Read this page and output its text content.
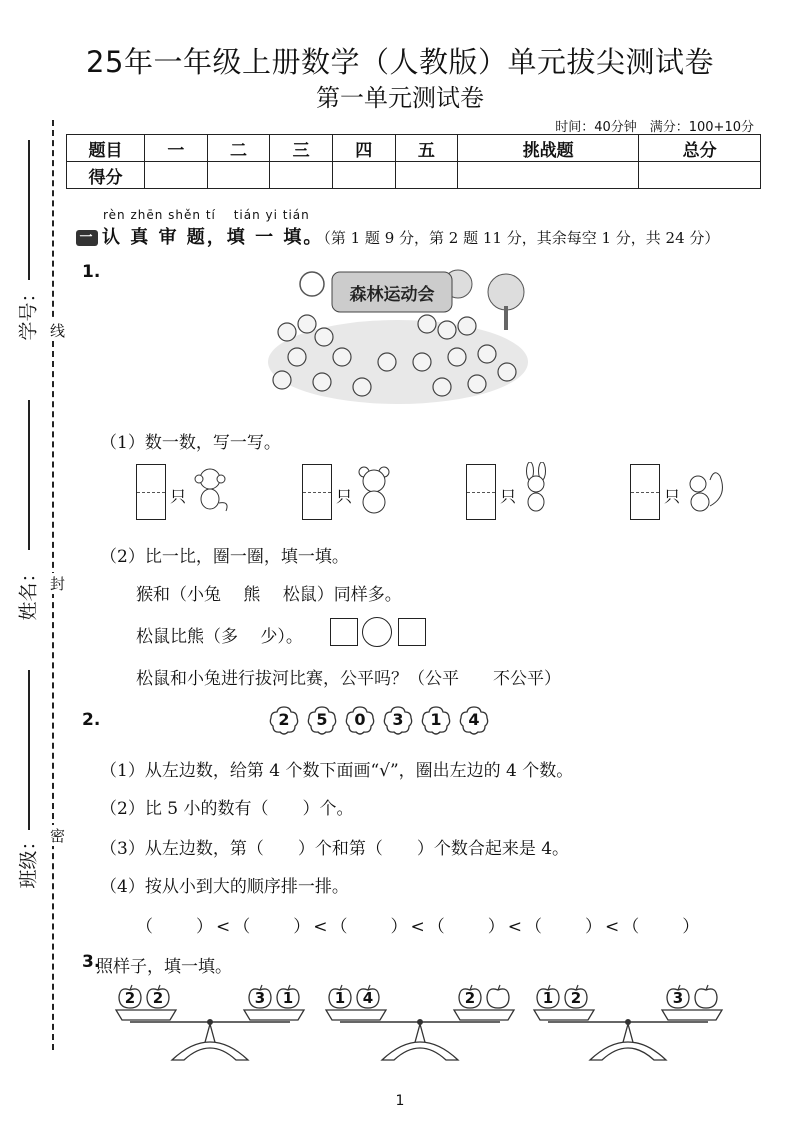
25年一年级上册数学（人教版）单元拔尖测试卷
第一单元测试卷
时间：40分钟　满分：100+10分
线
封
密
学号：
姓名：
班级：
题目	一	二	三	四	五	挑战题	总分
得分							
rèn zhēn shěn tí　 tián yi tián
一 认 真 审 题，填 一 填。（第 1 题 9 分，第 2 题 11 分，其余每空 1 分，共 24 分）
1.
森林运动会
（1）数一数，写一写。
只	只	只	只
（2）比一比，圈一圈，填一填。
猴和（小兔　 熊　 松鼠）同样多。
松鼠比熊（多　 少）。
松鼠和小兔进行拔河比赛，公平吗？（公平　　不公平）
2.	2	5	0	3	1	4
（1）从左边数，给第 4 个数下面画“√”，圈出左边的 4 个数。
（2）比 5 小的数有（　　）个。
（3）从左边数，第（　　）个和第（　　）个数合起来是 4。
（4）按从小到大的顺序排一排。
（　　）<（　　）<（　　）<（　　）<（　　）<（　　）
3.
照样子，填一填。
2	2	3	1	1	4	2	1	2	3
1
